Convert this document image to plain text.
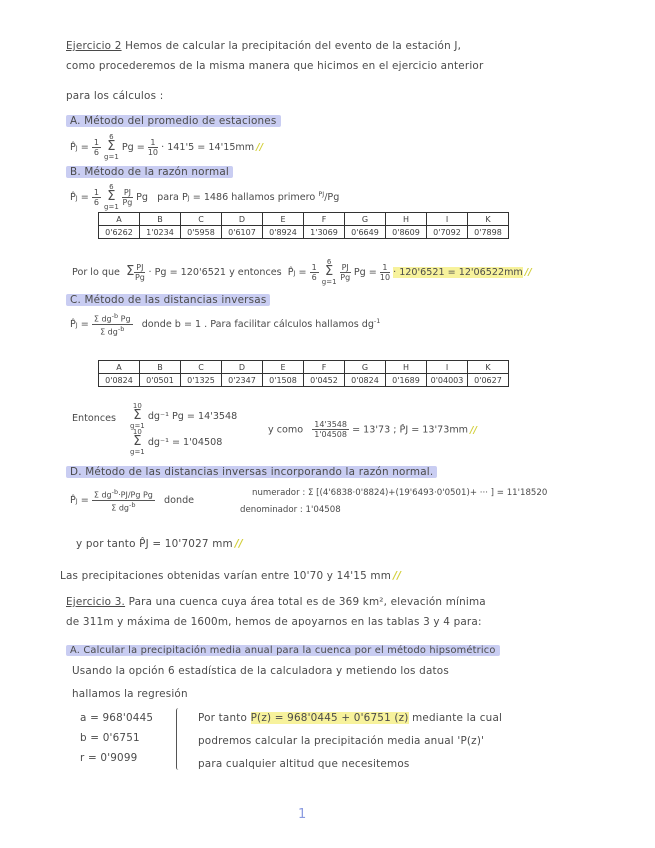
Ejercicio 2 Hemos de calcular la precipitación del evento de la estación J,
como procederemos de la misma manera que hicimos en el ejercicio anterior
para los cálculos :
A. Método del promedio de estaciones
P̂J = $\frac{1}{6}$
6
Σ
g=1 $Pg = \frac{1}{10} \cdot 141'5 = 14'15mm$ //
B. Método de la razón normal
P̂J = $\frac{1}{6}$
6
Σ
g=1
$\frac{PJ}{Pg}$ Pg   para PJ = 1486 hallamos primero $^{PJ}$/Pg
A	B	C	D	E	F	G	H	I	K
0'6262	1'0234	0'5958	0'6107	0'8924	1'3069	0'6649	0'8609	0'7092	0'7898
Por lo que Σ $\frac{PJ}{Pg} \cdot Pg = 120'6521$ y entonces  P̂J = $\frac{1}{6}$
6
Σ
g=1
$\frac{PJ}{Pg}$ $Pg = \frac{1}{10} \cdot 120'6521 = 12'06522mm$ //
C. Método de las distancias inversas
P̂J = $\frac{\Sigma dg^{-b} Pg}{\Sigma dg^{-b}}$ donde b = 1 . Para facilitar cálculos hallamos $dg^{-1}$
A	B	C	D	E	F	G	H	I	K
0'0824	0'0501	0'1325	0'2347	0'1508	0'0452	0'0824	0'1689	0'04003	0'0627
Entonces
10
Σ
g=1 dg⁻¹ Pg = 14'3548
10
Σ
g=1 dg⁻¹ = 1'04508
y como $\frac{14'3548}{1'04508} = 13'73$ ; P̂J = 13'73mm //
D. Método de las distancias inversas incorporando la razón normal.
P̂J = $\frac{\Sigma dg^{-b}\cdot PJ/Pg Pg}{\Sigma dg^{-b}}$ donde
numerador : Σ [(4'6838·0'8824)+(19'6493·0'0501)+ ··· ] = 11'18520
denominador : 1'04508
y por tanto P̂J = 10'7027 mm //
Las precipitaciones obtenidas varían entre 10'70 y 14'15 mm //
Ejercicio 3. Para una cuenca cuya área total es de 369 km², elevación mínima
de 311m y máxima de 1600m, hemos de apoyarnos en las tablas 3 y 4 para:
A. Calcular la precipitación media anual para la cuenca por el método hipsométrico
Usando la opción 6 estadística de la calculadora y metiendo los datos
hallamos la regresión
a = 968'0445
b = 0'6751
r = 0'9099
Por tanto P(z) = 968'0445 + 0'6751 (z) mediante la cual
podremos calcular la precipitación media anual 'P(z)'
para cualquier altitud que necesitemos
1
